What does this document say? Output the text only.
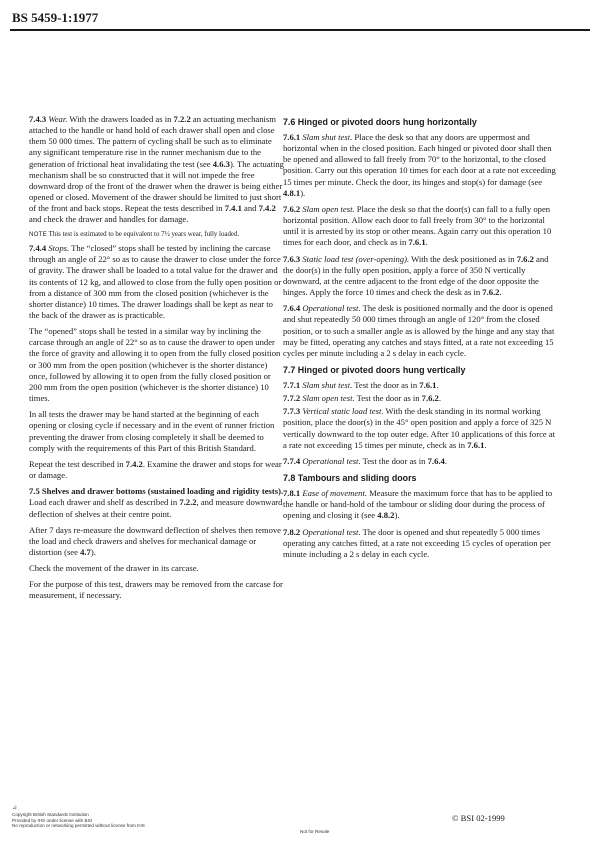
BS 5459-1:1977
7.4.3 Wear. With the drawers loaded as in 7.2.2 an actuating mechanism attached to the handle or hand hold of each drawer shall open and close them 50 000 times. The pattern of cycling shall be such as to eliminate any significant temperature rise in the runner mechanism due to the generation of frictional heat invalidating the test (see 4.6.3). The actuating mechanism shall be so constructed that it will not impede the free downward drop of the front of the drawer when the drawer is being either opened or closed. Movement of the drawer should be limited to just short of the front and back stops. Repeat the tests described in 7.4.1 and 7.4.2 and check the drawer and handles for damage.
NOTE This test is estimated to be equivalent to 7½ years wear, fully loaded.
7.4.4 Stops. The “closed” stops shall be tested by inclining the carcase through an angle of 22° so as to cause the drawer to close under the force of gravity. The drawer shall be loaded to a total value for the drawer and its contents of 12 kg, and allowed to close from the fully open position or from a distance of 300 mm from the closed position (whichever is the shorter distance) 10 times. The drawer loadings shall be kept as near to the back of the drawer as is practicable.
The “opened” stops shall be tested in a similar way by inclining the carcase through an angle of 22° so as to cause the drawer to open under the force of gravity and allowing it to open from the fully closed position or 300 mm from the open position (whichever is the shorter distance) once, followed by allowing it to open from the fully closed position or 200 mm from the open position (whichever is the shorter distance) 10 times.
In all tests the drawer may be hand started at the beginning of each opening or closing cycle if necessary and in the event of runner friction preventing the drawer from closing completely it shall be deemed to comply with the requirements of this Part of this British Standard.
Repeat the test described in 7.4.2. Examine the drawer and stops for wear or damage.
7.5 Shelves and drawer bottoms (sustained loading and rigidity tests). Load each drawer and shelf as described in 7.2.2, and measure downward deflection of shelves at their centre point.
After 7 days re-measure the downward deflection of shelves then remove the load and check drawers and shelves for mechanical damage or distortion (see 4.7).
Check the movement of the drawer in its carcase.
For the purpose of this test, drawers may be removed from the carcase for measurement, if necessary.
7.6 Hinged or pivoted doors hung horizontally
7.6.1 Slam shut test. Place the desk so that any doors are uppermost and horizontal when in the closed position. Each hinged or pivoted door shall then be opened and allowed to fall freely from 70° to the horizontal, to the closed position. Carry out this operation 10 times for each door at a rate not exceeding 15 times per minute. Check the door, its hinges and stop(s) for damage (see 4.8.1).
7.6.2 Slam open test. Place the desk so that the door(s) can fall to a fully open horizontal position. Allow each door to fall freely from 30° to the horizontal until it is arrested by its stop or other means. Again carry out this operation 10 times for each door, and check as in 7.6.1.
7.6.3 Static load test (over-opening). With the desk positioned as in 7.6.2 and the door(s) in the fully open position, apply a force of 350 N vertically downward, at the centre adjacent to the front edge of the door opposite the hinges. Apply the force 10 times and check the desk as in 7.6.2.
7.6.4 Operational test. The desk is positioned normally and the door is opened and shut repeatedly 50 000 times through an angle of 120° from the closed position, or to such a smaller angle as is allowed by the hinge and any stay that may be fitted, operating any catches and stays fitted, at a rate not exceeding 15 cycles per minute including a 2 s delay in each cycle.
7.7 Hinged or pivoted doors hung vertically
7.7.1 Slam shut test. Test the door as in 7.6.1.
7.7.2 Slam open test. Test the door as in 7.6.2.
7.7.3 Vertical static load test. With the desk standing in its normal working position, place the door(s) in the 45° open position and apply a force of 325 N vertically downward to the top outer edge. After 10 applications of this force at a rate not exceeding 15 times per minute, check as in 7.6.1.
7.7.4 Operational test. Test the door as in 7.6.4.
7.8 Tambours and sliding doors
7.8.1 Ease of movement. Measure the maximum force that has to be applied to the handle or hand-hold of the tambour or sliding door during the process of opening and closing it (see 4.8.2).
7.8.2 Operational test. The door is opened and shut repeatedly 5 000 times operating any catches fitted, at a rate not exceeding 15 cycles of operation per minute including a 2 s delay in each cycle.
⊿
Copyright British Standards Institution
Provided by IHS under license with BSI
No reproduction or networking permitted without license from IHS
Not for Resale
© BSI 02-1999
